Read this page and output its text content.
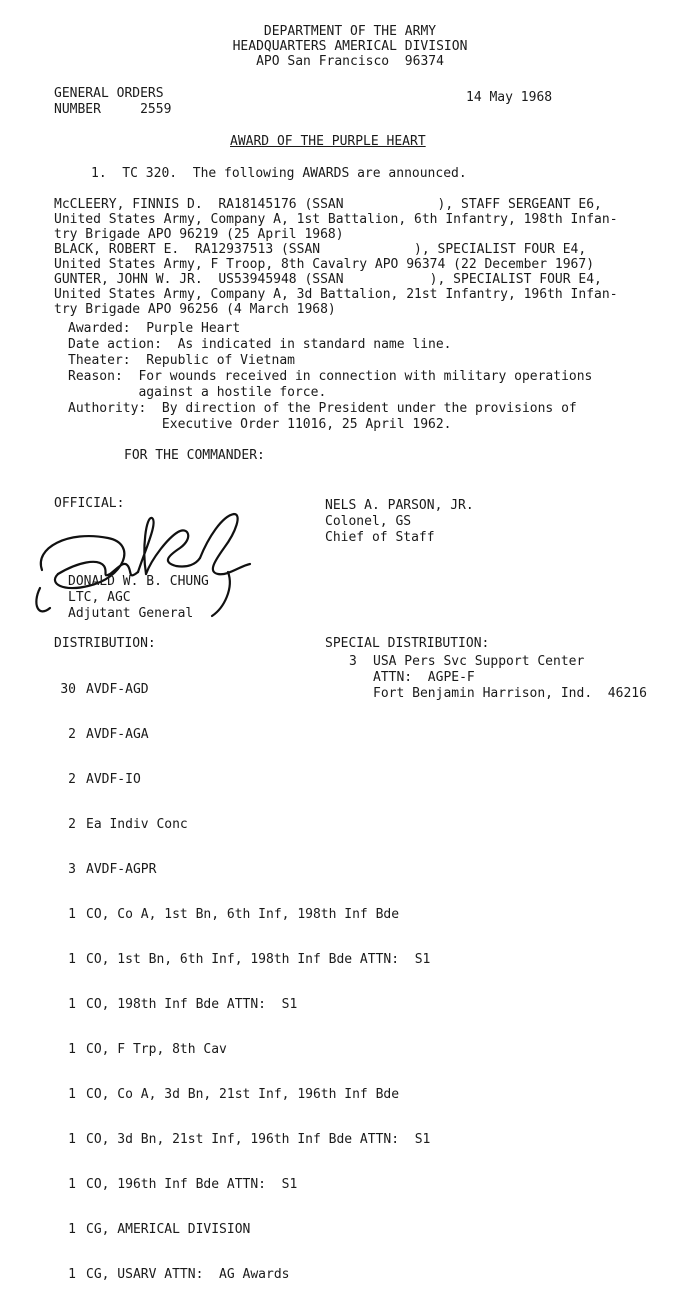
DEPARTMENT OF THE ARMY
HEADQUARTERS AMERICAL DIVISION
APO San Francisco  96374
GENERAL ORDERS
NUMBER     2559
14 May 1968
AWARD OF THE PURPLE HEART
1.  TC 320.  The following AWARDS are announced.
McCLEERY, FINNIS D.  RA18145176 (SSAN            ), STAFF SERGEANT E6,
United States Army, Company A, 1st Battalion, 6th Infantry, 198th Infan-
try Brigade APO 96219 (25 April 1968)
BLACK, ROBERT E.  RA12937513 (SSAN            ), SPECIALIST FOUR E4,
United States Army, F Troop, 8th Cavalry APO 96374 (22 December 1967)
GUNTER, JOHN W. JR.  US53945948 (SSAN           ), SPECIALIST FOUR E4,
United States Army, Company A, 3d Battalion, 21st Infantry, 196th Infan-
try Brigade APO 96256 (4 March 1968)
Awarded:  Purple Heart
Date action:  As indicated in standard name line.
Theater:  Republic of Vietnam
Reason:  For wounds received in connection with military operations
against a hostile force.
Authority:  By direction of the President under the provisions of
Executive Order 11016, 25 April 1962.
FOR THE COMMANDER:
OFFICIAL:
DONALD W. B. CHUNG
LTC, AGC
Adjutant General
NELS A. PARSON, JR.
Colonel, GS
Chief of Staff
DISTRIBUTION:

30 AVDF-AGD

2 AVDF-AGA

2 AVDF-IO

2 Ea Indiv Conc

3 AVDF-AGPR

1 CO, Co A, 1st Bn, 6th Inf, 198th Inf Bde

1 CO, 1st Bn, 6th Inf, 198th Inf Bde ATTN:  S1

1 CO, 198th Inf Bde ATTN:  S1

1 CO, F Trp, 8th Cav

1 CO, Co A, 3d Bn, 21st Inf, 196th Inf Bde

1 CO, 3d Bn, 21st Inf, 196th Inf Bde ATTN:  S1

1 CO, 196th Inf Bde ATTN:  S1

1 CG, AMERICAL DIVISION

1 CG, USARV ATTN:  AG Awards

SPECIAL DISTRIBUTION:
3 USA Pers Svc Support Center
ATTN:  AGPE-F
Fort Benjamin Harrison, Ind.  46216
